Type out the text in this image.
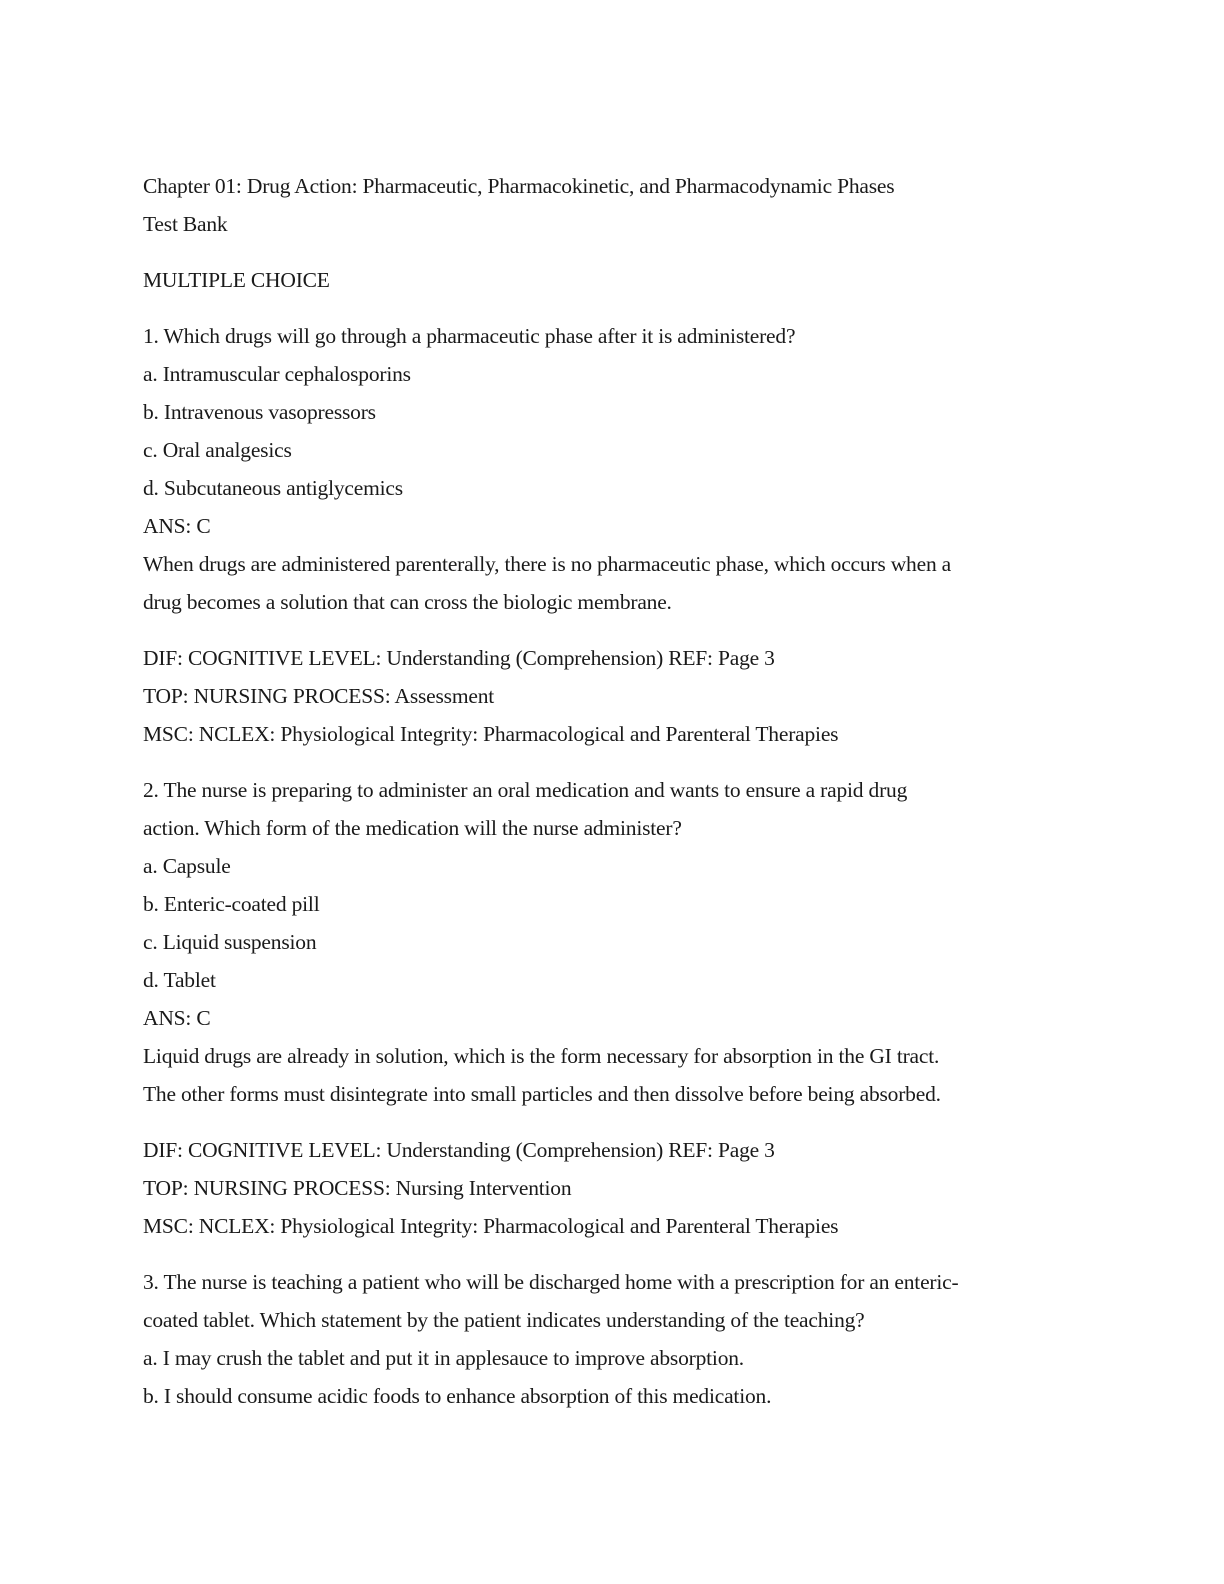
Chapter 01: Drug Action: Pharmaceutic, Pharmacokinetic, and Pharmacodynamic Phases
Test Bank
MULTIPLE CHOICE
1. Which drugs will go through a pharmaceutic phase after it is administered?
a. Intramuscular cephalosporins
b. Intravenous vasopressors
c. Oral analgesics
d. Subcutaneous antiglycemics
ANS: C
When drugs are administered parenterally, there is no pharmaceutic phase, which occurs when a
drug becomes a solution that can cross the biologic membrane.
DIF: COGNITIVE LEVEL: Understanding (Comprehension) REF: Page 3
TOP: NURSING PROCESS: Assessment
MSC: NCLEX: Physiological Integrity: Pharmacological and Parenteral Therapies
2. The nurse is preparing to administer an oral medication and wants to ensure a rapid drug
action. Which form of the medication will the nurse administer?
a. Capsule
b. Enteric-coated pill
c. Liquid suspension
d. Tablet
ANS: C
Liquid drugs are already in solution, which is the form necessary for absorption in the GI tract.
The other forms must disintegrate into small particles and then dissolve before being absorbed.
DIF: COGNITIVE LEVEL: Understanding (Comprehension) REF: Page 3
TOP: NURSING PROCESS: Nursing Intervention
MSC: NCLEX: Physiological Integrity: Pharmacological and Parenteral Therapies
3. The nurse is teaching a patient who will be discharged home with a prescription for an enteric-
coated tablet. Which statement by the patient indicates understanding of the teaching?
a. I may crush the tablet and put it in applesauce to improve absorption.
b. I should consume acidic foods to enhance absorption of this medication.
